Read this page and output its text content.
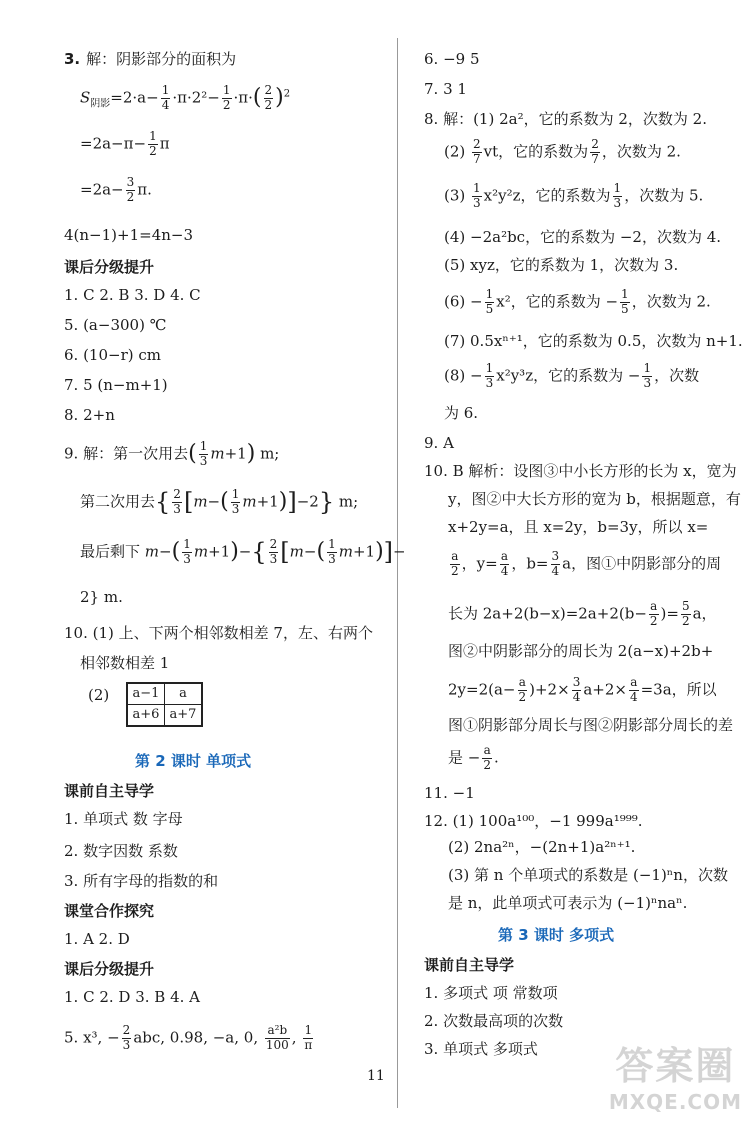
3. 解：阴影部分的面积为
$S_{阴影}=2\cdot a- \frac{1}{4} \cdot\pi\cdot 2^2- \frac{1}{2} \cdot\pi\cdot( \frac{2}{2} )^2$
$=2a-\pi- \frac{1}{2}$ π
$=2a- \frac{3}{2} \pi$.
4(n−1)+1=4n−3
课后分级提升
1. C 2. B 3. D 4. C
5. (a−300) ℃
6. (10−r) cm
7. 5 (n−m+1)
8. 2+n
9. 解：第一次用去( $\frac{1}{3} m+1$) m;
第二次用去{ $\frac{2}{3} [m-( \frac{1}{3} m+1)]-2$} m;
最后剩下 $m-( \frac{1}{3} m+1)-\{ \frac{2}{3} [m-( \frac{1}{3} m+1)]-$
2} m.
10. (1) 上、下两个相邻数相差 7，左、右两个
相邻数相差 1
(2) a−1	a
a+6	a+7
第 2 课时 单项式
课前自主导学
1. 单项式 数 字母
2. 数字因数 系数
3. 所有字母的指数的和
课堂合作探究
1. A 2. D
课后分级提升
1. C 2. D 3. B 4. A
5. x³, − $\frac{2}{3}$ abc, 0.98, −a, 0, $\frac{\text{a²b}}{100}$ , $\frac{1}{\pi}$
6. −9 5
7. 3 1
8. 解：(1) 2a²，它的系数为 2，次数为 2.
$(2) \frac{2}{7}$ vt，它的系数为 $\frac{2}{7}$ ，次数为 2.
$(3) \frac{1}{3} x^2y^2z$，它的系数为 $\frac{1}{3}$ ，次数为 5.
(4) −2a²bc，它的系数为 −2，次数为 4.
(5) xyz，它的系数为 1，次数为 3.
$(6) - \frac{1}{5} x^2$，它的系数为 − $\frac{1}{5}$ ，次数为 2.
(7) 0.5xⁿ⁺¹，它的系数为 0.5，次数为 n+1.
$(8) - \frac{1}{3} x^2y^3z$，它的系数为 − $\frac{1}{3}$ ，次数
为 6.
9. A
10. B 解析：设图③中小长方形的长为 x，宽为
y，图②中大长方形的宽为 b，根据题意，有
x+2y=a，且 x=2y，b=3y，所以 x=
$\frac{a}{2}$ ，$y= \frac{a}{4}$ ，$b= \frac{3}{4}$ a，图①中阴影部分的周
长为 $2a+2(b-x)=2a+2(b- \frac{a}{2}$ )= $\frac{5}{2}$ a，
图②中阴影部分的周长为 2(a−x)+2b+
$2y=2(a- \frac{a}{2} )+2\times \frac{3}{4} a+2\times \frac{a}{4} =3a$，所以
图①阴影部分周长与图②阴影部分周长的差
是 − $\frac{a}{2}$ .
11. −1
12. (1) 100a¹⁰⁰，−1 999a¹⁹⁹⁹.
(2) 2na²ⁿ，−(2n+1)a²ⁿ⁺¹.
(3) 第 n 个单项式的系数是 (−1)ⁿn，次数
是 n，此单项式可表示为 (−1)ⁿnaⁿ.
第 3 课时 多项式
课前自主导学
1. 多项式 项 常数项
2. 次数最高项的次数
3. 单项式 多项式
11	答案圈
MXQE.COM
